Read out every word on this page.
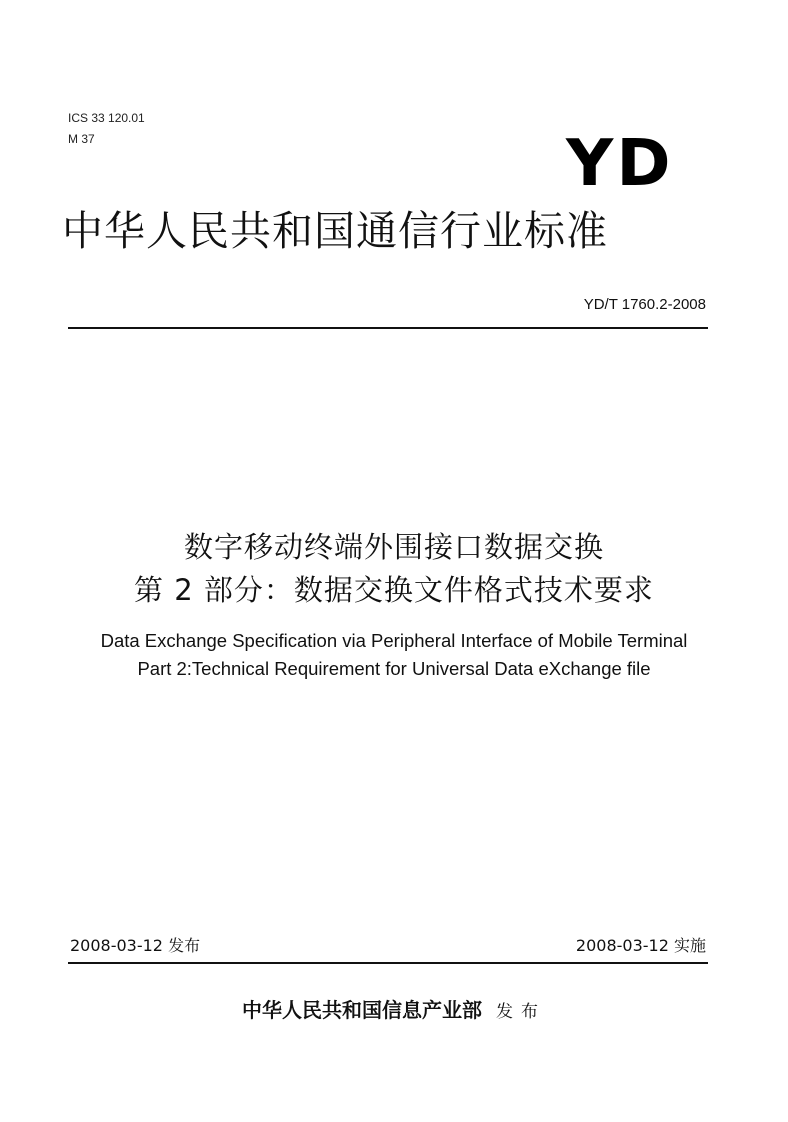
ICS 33 120.01
M 37	YD
中华人民共和国通信行业标准
YD/T 1760.2-2008
数字移动终端外围接口数据交换
第 2 部分：数据交换文件格式技术要求
Data Exchange Specification via Peripheral Interface of Mobile Terminal
Part 2:Technical Requirement for Universal Data eXchange file
2008-03-12 发布	2008-03-12 实施
中华人民共和国信息产业部 发布
